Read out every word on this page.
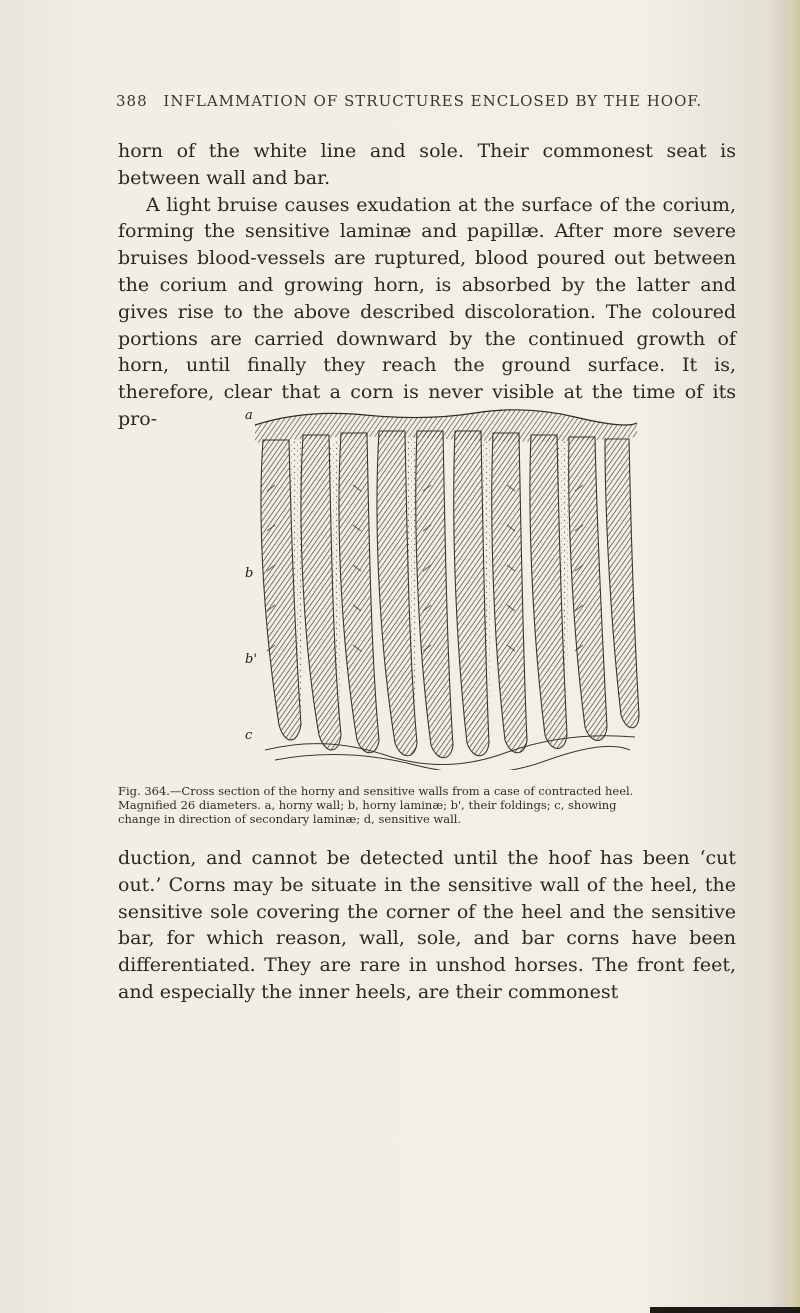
388 INFLAMMATION OF STRUCTURES ENCLOSED BY THE HOOF.

horn of the white line and sole. Their commonest seat is between wall and bar.

A light bruise causes exudation at the surface of the corium, forming the sensitive laminæ and papillæ. After more severe bruises blood-vessels are ruptured, blood poured out between the corium and growing horn, is absorbed by the latter and gives rise to the above described discoloration. The coloured portions are carried downward by the continued growth of horn, until finally they reach the ground surface. It is, therefore, clear that a corn is never visible at the time of its pro-	a
b
b'
c
Fig. 364.—Cross section of the horny and sensitive walls from a case of contracted heel.
Magnified 26 diameters. a, horny wall; b, horny laminæ; b', their foldings; c, showing
change in direction of secondary laminæ; d, sensitive wall.

duction, and cannot be detected until the hoof has been ‘cut out.’ Corns may be situate in the sensitive wall of the heel, the sensitive sole covering the corner of the heel and the sensitive bar, for which reason, wall, sole, and bar corns have been differentiated. They are rare in unshod horses. The front feet, and especially the inner heels, are their commonest
